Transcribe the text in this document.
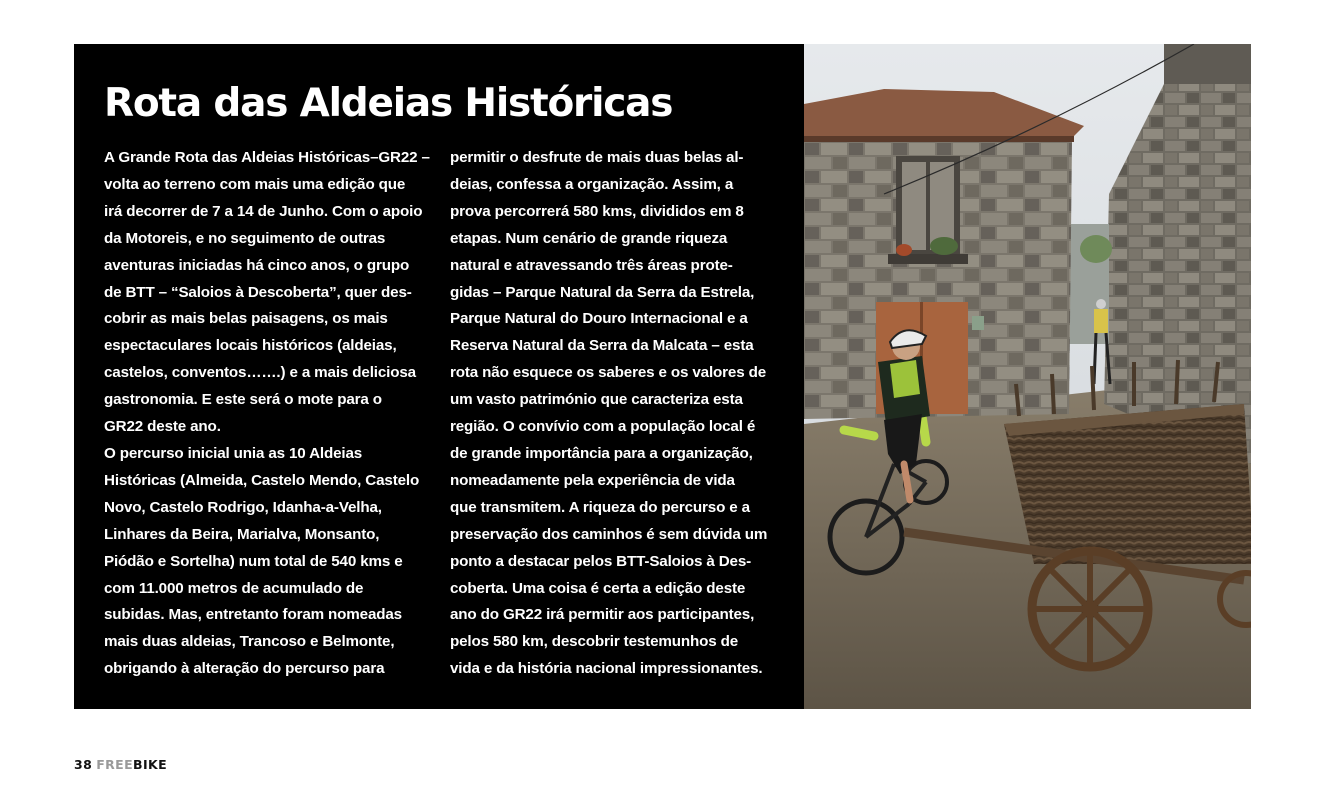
Rota das Aldeias Históricas

A Grande Rota das Aldeias Históricas–GR22 –

volta ao terreno com mais uma edição que

irá decorrer de 7 a 14 de Junho. Com o apoio

da Motoreis, e no seguimento de outras

aventuras iniciadas há cinco anos, o grupo

de BTT – “Saloios à Descoberta”, quer des-

cobrir as mais belas paisagens, os mais

espectaculares locais históricos (aldeias,

castelos, conventos…….) e a mais deliciosa

gastronomia. E este será o mote para o

GR22 deste ano.

O percurso inicial unia as 10 Aldeias

Históricas (Almeida, Castelo Mendo, Castelo

Novo, Castelo Rodrigo, Idanha-a-Velha,

Linhares da Beira, Marialva, Monsanto,

Piódão e Sortelha) num total de 540 kms e

com 11.000 metros de acumulado de

subidas. Mas, entretanto foram nomeadas

mais duas aldeias, Trancoso e Belmonte,

obrigando à alteração do percurso para

permitir o desfrute de mais duas belas al-

deias, confessa a organização. Assim, a

prova percorrerá 580 kms, divididos em 8

etapas. Num cenário de grande riqueza

natural e atravessando três áreas prote-

gidas – Parque Natural da Serra da Estrela,

Parque Natural do Douro Internacional e a

Reserva Natural da Serra da Malcata – esta

rota não esquece os saberes e os valores de

um vasto património que caracteriza esta

região. O convívio com a população local é

de grande importância para a organização,

nomeadamente pela experiência de vida

que transmitem. A riqueza do percurso e a

preservação dos caminhos é sem dúvida um

ponto a destacar pelos BTT-Saloios à Des-

coberta. Uma coisa é certa a edição deste

ano do GR22 irá permitir aos participantes,

pelos 580 km, descobrir testemunhos de

vida e da história nacional impressionantes.

38 FREEBIKE
